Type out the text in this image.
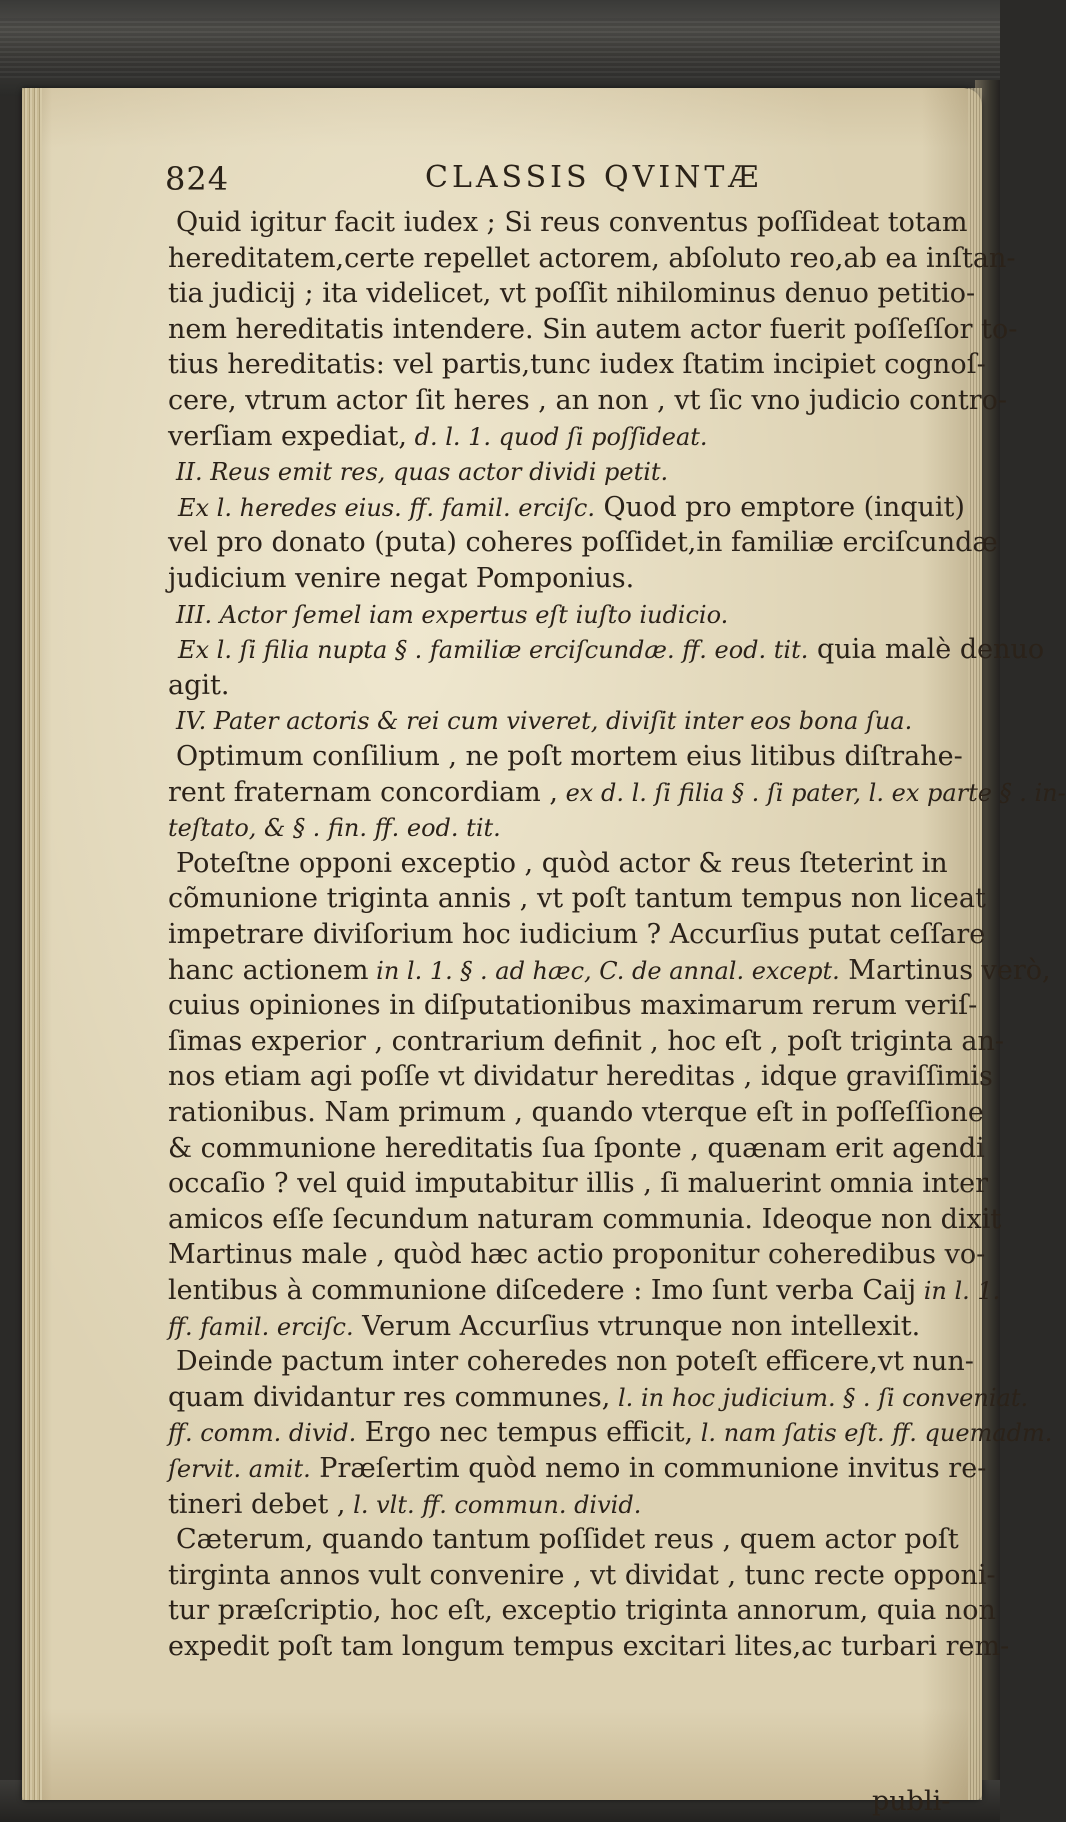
824	CLASSIS QVINTÆ
Quid igitur facit iudex ; Si reus conventus poſſideat totam
hereditatem,certe repellet actorem, abſoluto reo,ab ea inſtan-
tia judicij ; ita videlicet, vt poſſit nihilominus denuo petitio-
nem hereditatis intendere. Sin autem actor fuerit poſſeſſor to-
tius hereditatis: vel partis,tunc iudex ſtatim incipiet cognoſ-
cere, vtrum actor ſit heres , an non , vt ſic vno judicio contro-
verſiam expediat, d. l. 1. quod ſi poſſideat.
II. Reus emit res, quas actor dividi petit.
Ex l. heredes eius. ff. famil. erciſc. Quod pro emptore (inquit)
vel pro donato (puta) coheres poſſidet,in familiæ erciſcundæ
judicium venire negat Pomponius.
III. Actor ſemel iam expertus eſt iuſto iudicio.
Ex l. ſi filia nupta § . familiæ erciſcundæ. ff. eod. tit. quia malè denuo
agit.
IV. Pater actoris & rei cum viveret, diviſit inter eos bona ſua.
Optimum conſilium , ne poſt mortem eius litibus diſtrahe-
rent fraternam concordiam , ex d. l. ſi filia § . ſi pater, l. ex parte § . in-
teſtato, & § . fin. ff. eod. tit.
Poteſtne opponi exceptio , quòd actor & reus ſteterint in
cõmunione triginta annis , vt poſt tantum tempus non liceat
impetrare diviſorium hoc iudicium ? Accurſius putat ceſſare
hanc actionem in l. 1. § . ad hæc, C. de annal. except. Martinus verò,
cuius opiniones in diſputationibus maximarum rerum veriſ-
ſimas experior , contrarium definit , hoc eſt , poſt triginta an-
nos etiam agi poſſe vt dividatur hereditas , idque graviſſimis
rationibus. Nam primum , quando vterque eſt in poſſeſſione
& communione hereditatis ſua ſponte , quænam erit agendi
occaſio ? vel quid imputabitur illis , ſi maluerint omnia inter
amicos eſſe ſecundum naturam communia. Ideoque non dixit
Martinus male , quòd hæc actio proponitur coheredibus vo-
lentibus à communione diſcedere : Imo ſunt verba Caij in l. 1.
ff. famil. erciſc. Verum Accurſius vtrunque non intellexit.
Deinde pactum inter coheredes non poteſt efficere,vt nun-
quam dividantur res communes, l. in hoc judicium. § . ſi conveniat.
ff. comm. divid. Ergo nec tempus efficit, l. nam ſatis eſt. ff. quemadm.
ſervit. amit. Præſertim quòd nemo in communione invitus re-
tineri debet , l. vlt. ff. commun. divid.
Cæterum, quando tantum poſſidet reus , quem actor poſt
tirginta annos vult convenire , vt dividat , tunc recte opponi-
tur præſcriptio, hoc eſt, exceptio triginta annorum, quia non
expedit poſt tam longum tempus excitari lites,ac turbari rem-
publi-
